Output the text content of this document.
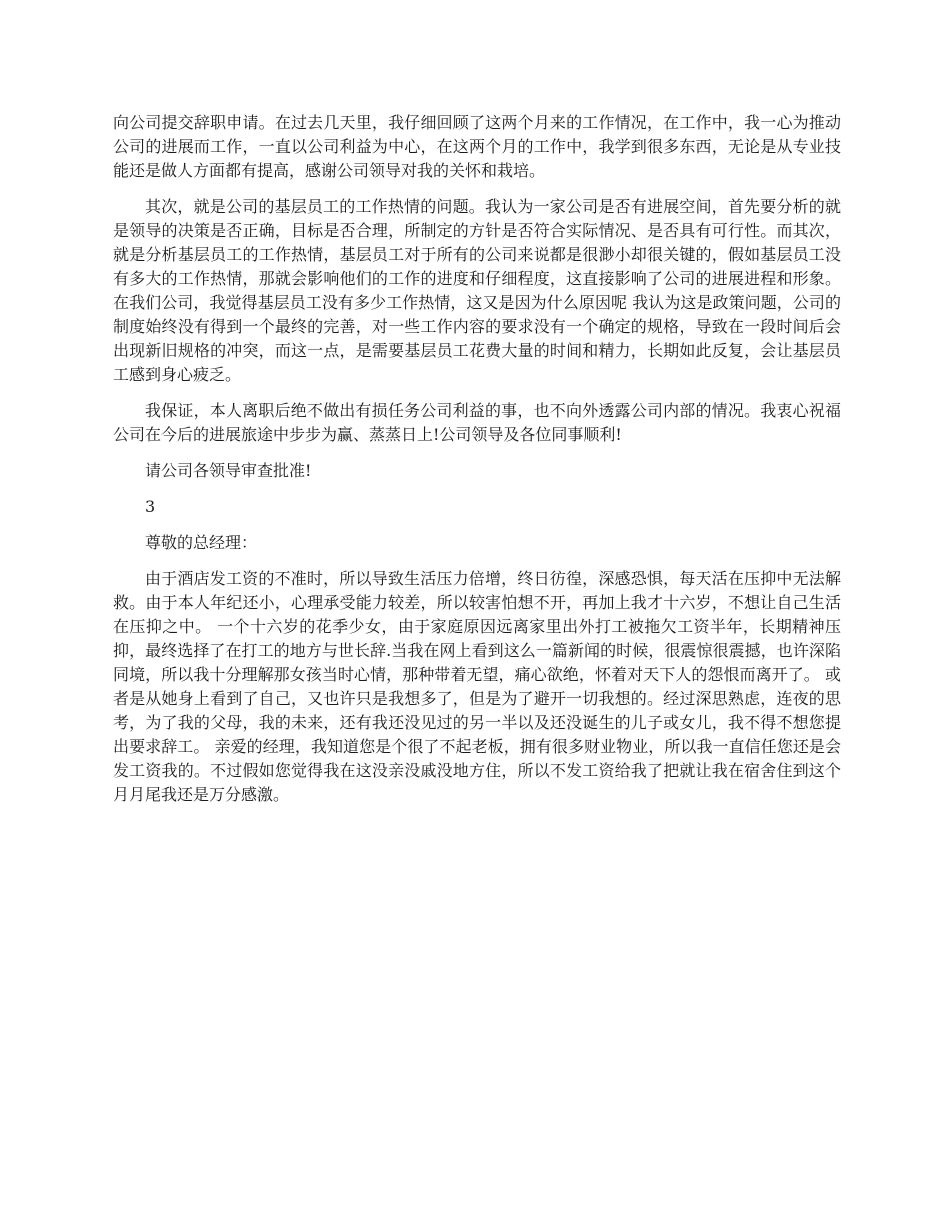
向公司提交辞职申请。在过去几天里，我仔细回顾了这两个月来的工作情况，在工作中，我一心为推动公司的进展而工作，一直以公司利益为中心，在这两个月的工作中，我学到很多东西，无论是从专业技能还是做人方面都有提高，感谢公司领导对我的关怀和栽培。

其次，就是公司的基层员工的工作热情的问题。我认为一家公司是否有进展空间，首先要分析的就是领导的决策是否正确，目标是否合理，所制定的方针是否符合实际情况、是否具有可行性。而其次，就是分析基层员工的工作热情，基层员工对于所有的公司来说都是很渺小却很关键的，假如基层员工没有多大的工作热情，那就会影响他们的工作的进度和仔细程度，这直接影响了公司的进展进程和形象。在我们公司，我觉得基层员工没有多少工作热情，这又是因为什么原因呢 我认为这是政策问题，公司的制度始终没有得到一个最终的完善，对一些工作内容的要求没有一个确定的规格，导致在一段时间后会出现新旧规格的冲突，而这一点，是需要基层员工花费大量的时间和精力，长期如此反复，会让基层员工感到身心疲乏。

我保证，本人离职后绝不做出有损任务公司利益的事，也不向外透露公司内部的情况。我衷心祝福公司在今后的进展旅途中步步为赢、蒸蒸日上!公司领导及各位同事顺利!

请公司各领导审查批准!

3

尊敬的总经理：

由于酒店发工资的不准时，所以导致生活压力倍增，终日彷徨，深感恐惧，每天活在压抑中无法解救。由于本人年纪还小，心理承受能力较差，所以较害怕想不开，再加上我才十六岁，不想让自己生活在压抑之中。 一个十六岁的花季少女，由于家庭原因远离家里出外打工被拖欠工资半年，长期精神压抑，最终选择了在打工的地方与世长辞.当我在网上看到这么一篇新闻的时候，很震惊很震撼，也许深陷同境，所以我十分理解那女孩当时心情，那种带着无望，痛心欲绝，怀着对天下人的怨恨而离开了。 或者是从她身上看到了自己，又也许只是我想多了，但是为了避开一切我想的。经过深思熟虑，连夜的思考，为了我的父母，我的未来，还有我还没见过的另一半以及还没诞生的儿子或女儿，我不得不想您提出要求辞工。 亲爱的经理，我知道您是个很了不起老板，拥有很多财业物业，所以我一直信任您还是会发工资我的。不过假如您觉得我在这没亲没戚没地方住，所以不发工资给我了把就让我在宿舍住到这个月月尾我还是万分感激。
